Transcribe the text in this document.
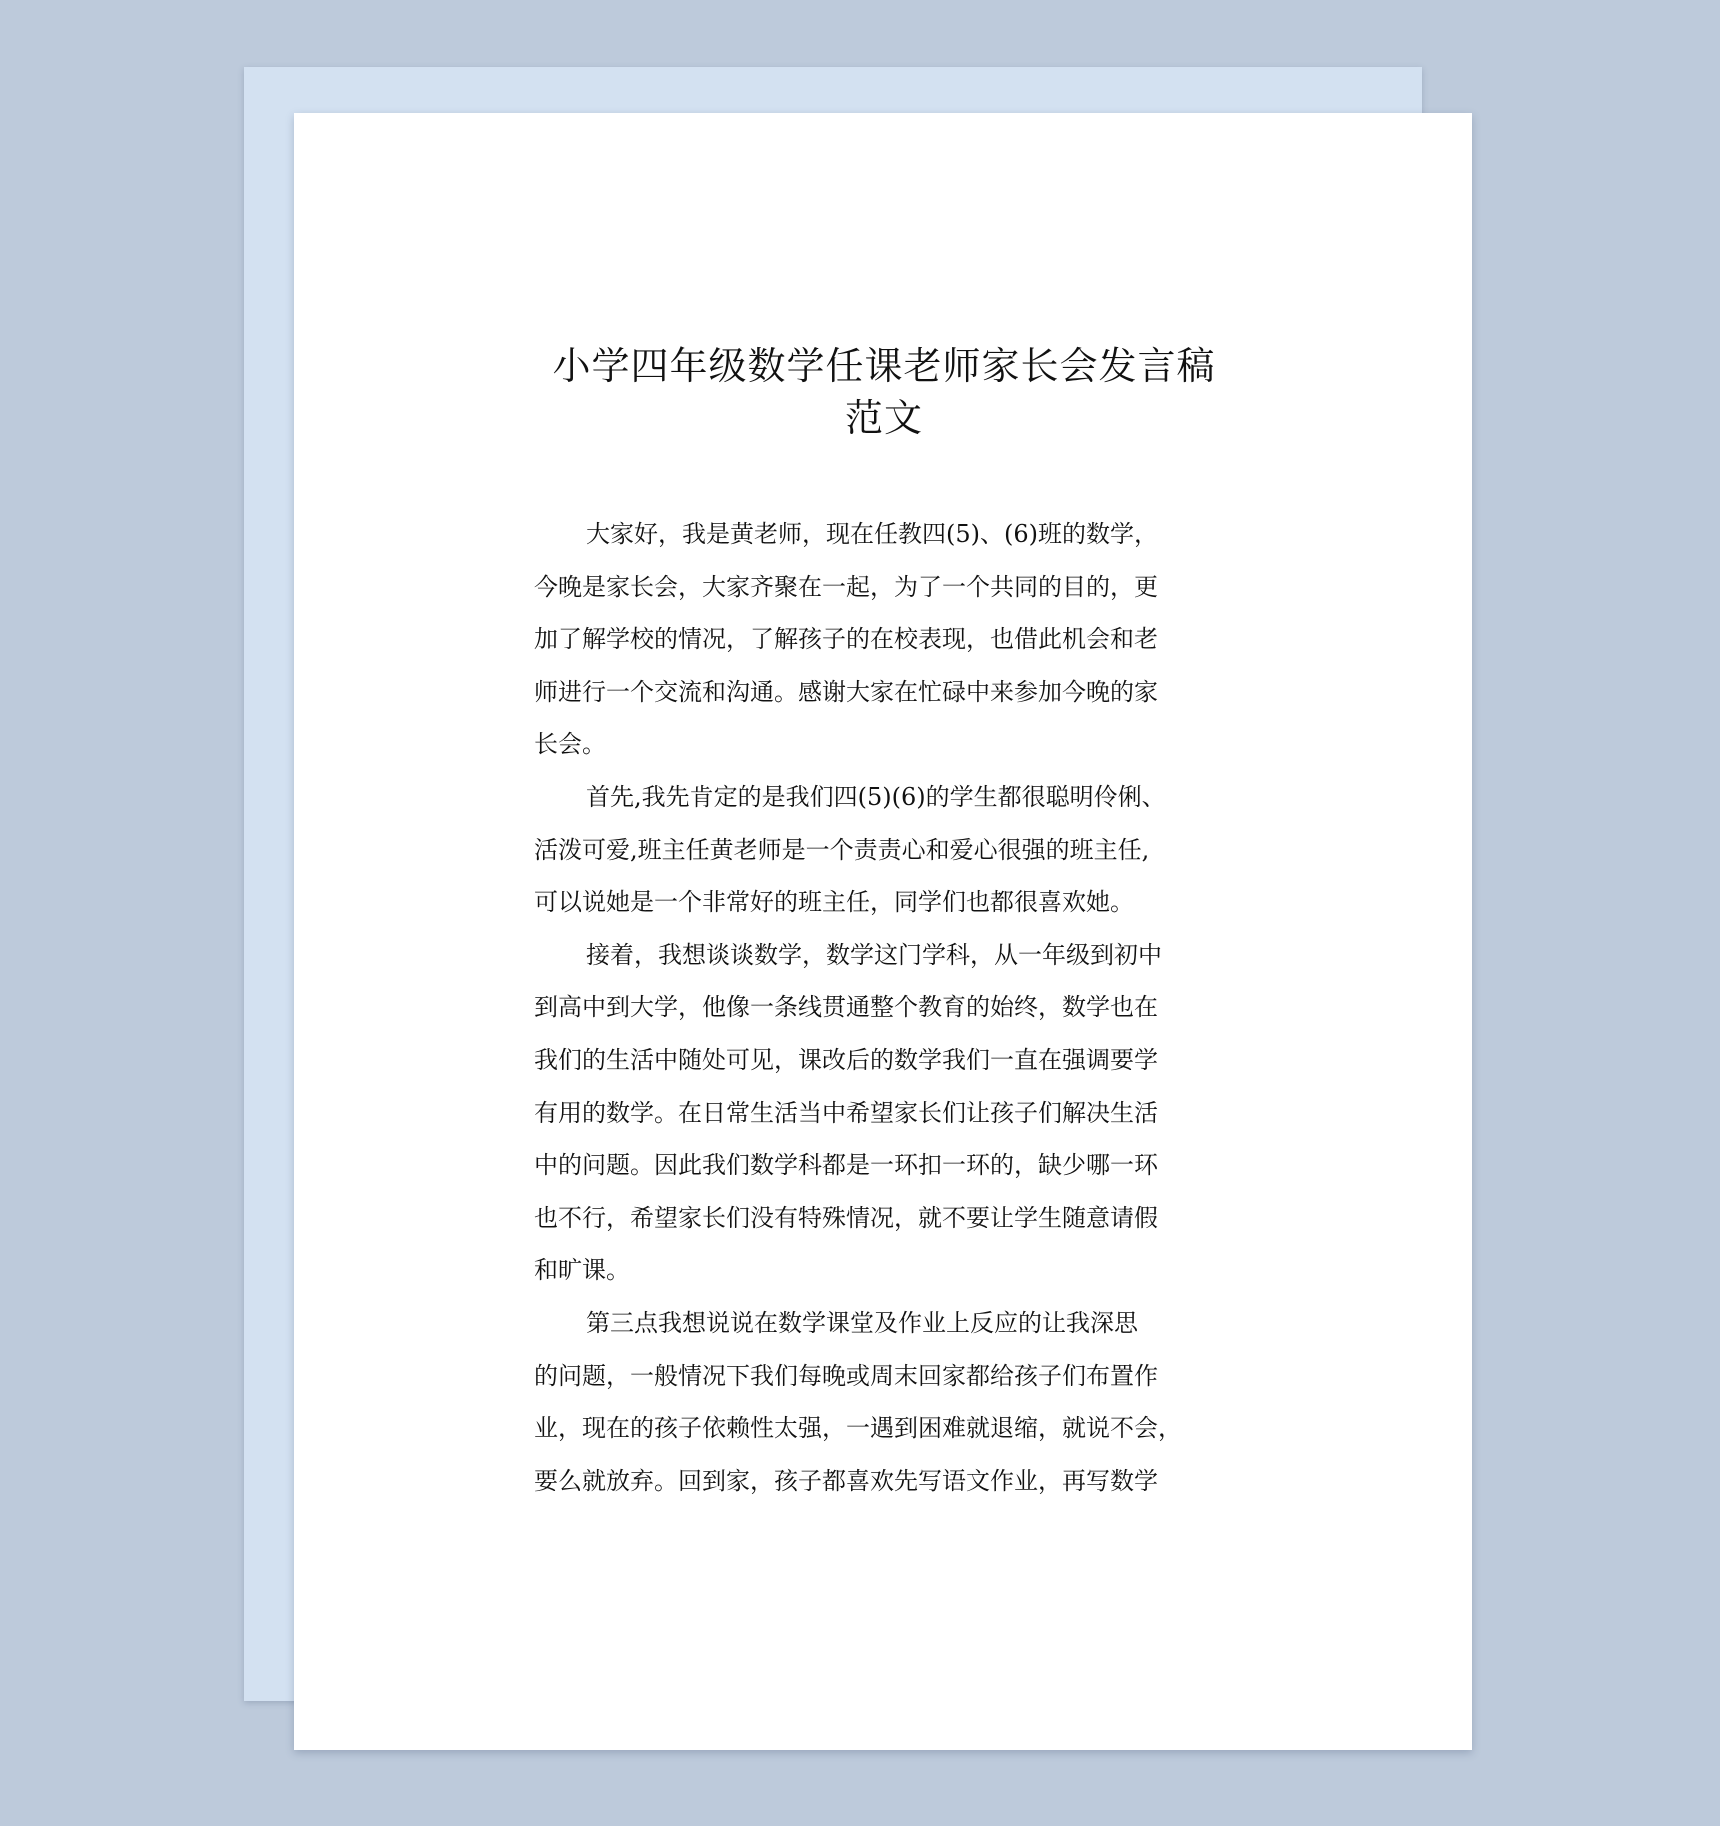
小学四年级数学任课老师家长会发言稿
范文

大家好，我是黄老师，现在任教四(5)、(6)班的数学，
今晚是家长会，大家齐聚在一起，为了一个共同的目的，更
加了解学校的情况，了解孩子的在校表现，也借此机会和老
师进行一个交流和沟通。感谢大家在忙碌中来参加今晚的家
长会。

首先,我先肯定的是我们四(5)(6)的学生都很聪明伶俐、
活泼可爱,班主任黄老师是一个责责心和爱心很强的班主任,
可以说她是一个非常好的班主任，同学们也都很喜欢她。

接着，我想谈谈数学，数学这门学科，从一年级到初中
到高中到大学，他像一条线贯通整个教育的始终，数学也在
我们的生活中随处可见，课改后的数学我们一直在强调要学
有用的数学。在日常生活当中希望家长们让孩子们解决生活
中的问题。因此我们数学科都是一环扣一环的，缺少哪一环
也不行，希望家长们没有特殊情况，就不要让学生随意请假
和旷课。

第三点我想说说在数学课堂及作业上反应的让我深思
的问题，一般情况下我们每晚或周末回家都给孩子们布置作
业，现在的孩子依赖性太强，一遇到困难就退缩，就说不会，
要么就放弃。回到家，孩子都喜欢先写语文作业，再写数学
